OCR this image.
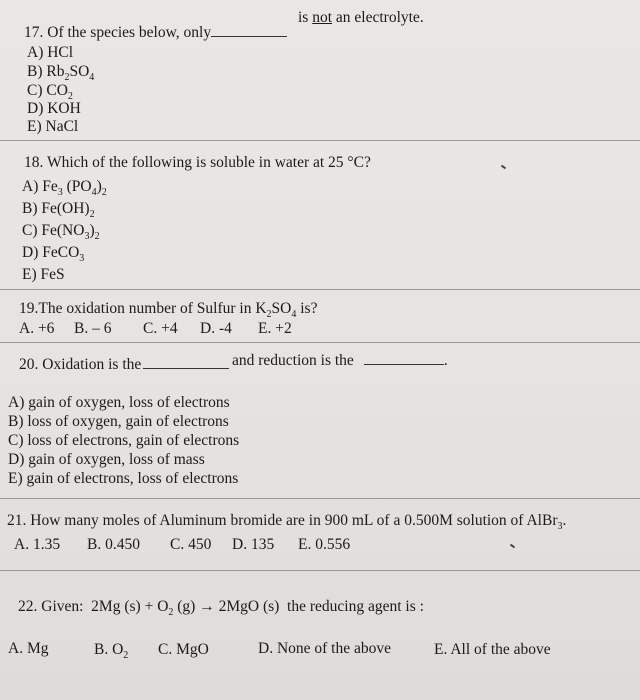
17. Of the species below, only
is not an electrolyte.
A) HCl
B) $Rb_2SO_4$
C) $CO_2$
D) KOH
E) NaCl
18. Which of the following is soluble in water at 25 °C?
A) $Fe_3$ $(PO_4)_2$
B) $Fe(OH)_2$
C) $Fe(NO_3)_2$
D) FeCO$_3$
E) FeS
19.The oxidation number of Sulfur in $K_2SO_4$ is?
A. +6 B. – 6 C. +4 D. -4 E. +2
20. Oxidation is the	and reduction is the	.
A) gain of oxygen, loss of electrons
B) loss of oxygen, gain of electrons
C) loss of electrons, gain of electrons
D) gain of oxygen, loss of mass
E) gain of electrons, loss of electrons
21. How many moles of Aluminum bromide are in 900 mL of a 0.500M solution of AlBr$_3$.
A. 1.35 B. 0.450 C. 450 D. 135 E. 0.556
22. Given:  2Mg $(s) + O_2$ (g) → 2MgO (s)  the reducing agent is :
A. Mg	B. $O_2$ C. MgO	D. None of the above	E. All of the above
